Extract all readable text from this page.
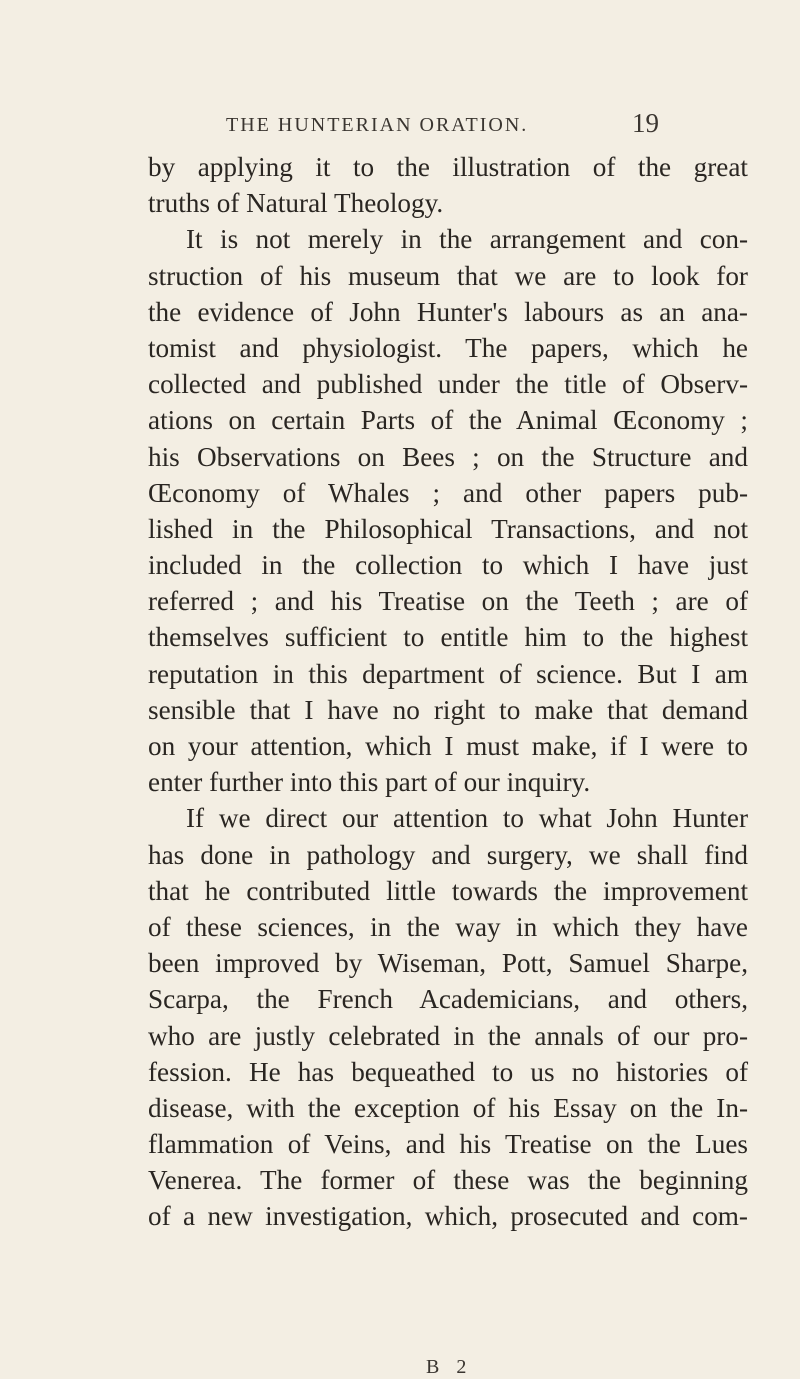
THE HUNTERIAN ORATION.	19
by applying it to the illustration of the great
truths of Natural Theology.
It is not merely in the arrangement and con-
struction of his museum that we are to look for
the evidence of John Hunter's labours as an ana-
tomist and physiologist. The papers, which he
collected and published under the title of Observ-
ations on certain Parts of the Animal Œconomy ;
his Observations on Bees ; on the Structure and
Œconomy of Whales ; and other papers pub-
lished in the Philosophical Transactions, and not
included in the collection to which I have just
referred ; and his Treatise on the Teeth ; are of
themselves sufficient to entitle him to the highest
reputation in this department of science. But I am
sensible that I have no right to make that demand
on your attention, which I must make, if I were to
enter further into this part of our inquiry.
If we direct our attention to what John Hunter
has done in pathology and surgery, we shall find
that he contributed little towards the improvement
of these sciences, in the way in which they have
been improved by Wiseman, Pott, Samuel Sharpe,
Scarpa, the French Academicians, and others,
who are justly celebrated in the annals of our pro-
fession. He has bequeathed to us no histories of
disease, with the exception of his Essay on the In-
flammation of Veins, and his Treatise on the Lues
Venerea. The former of these was the beginning
of a new investigation, which, prosecuted and com-
B 2
